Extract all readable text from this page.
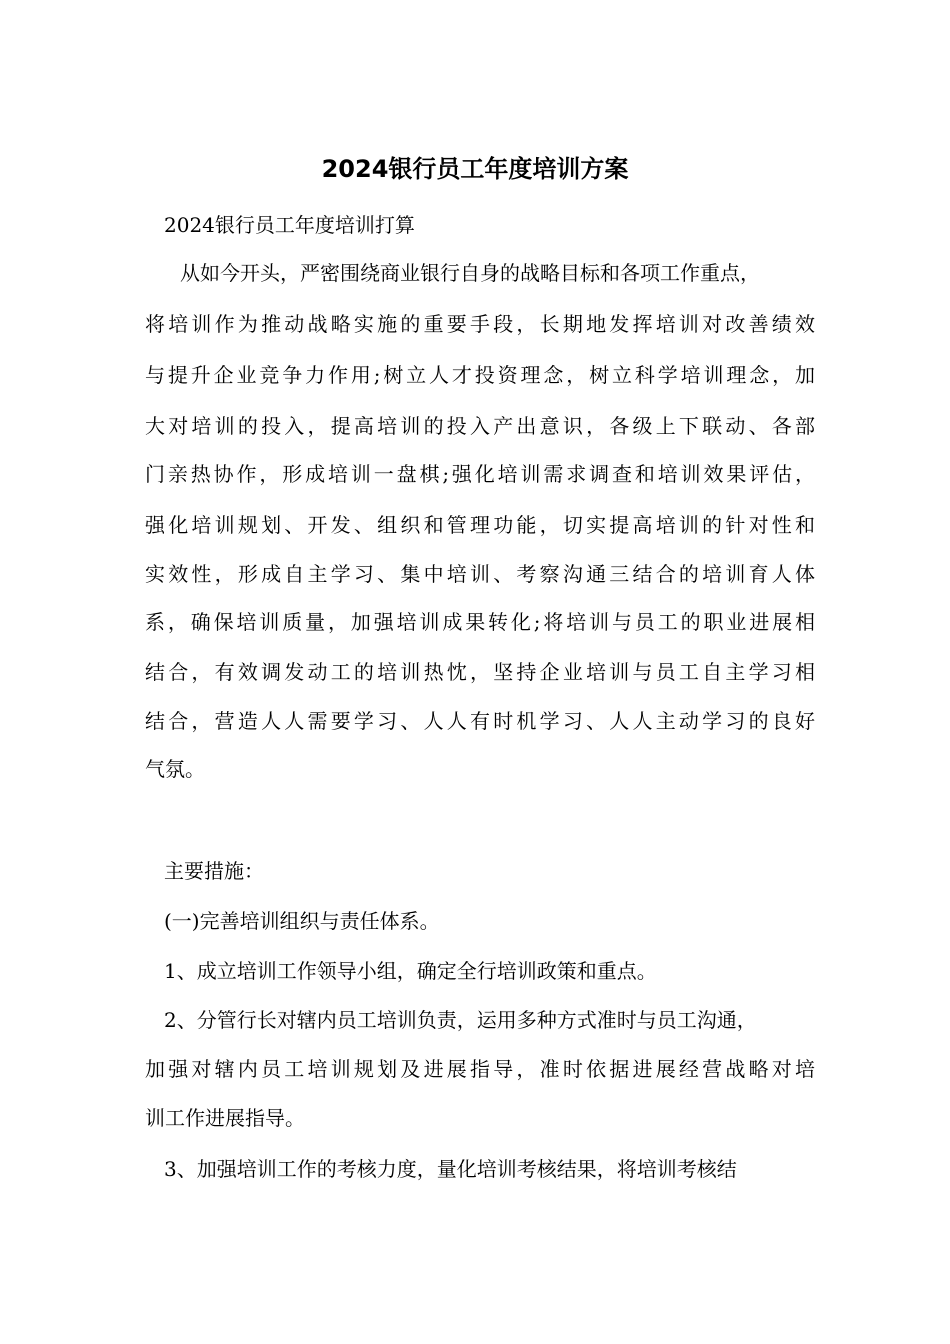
2024银行员工年度培训方案
2024银行员工年度培训打算
从如今开头，严密围绕商业银行自身的战略目标和各项工作重点，
将培训作为推动战略实施的重要手段，长期地发挥培训对改善绩效
与提升企业竞争力作用;树立人才投资理念，树立科学培训理念，加
大对培训的投入，提高培训的投入产出意识，各级上下联动、各部
门亲热协作，形成培训一盘棋;强化培训需求调查和培训效果评估，
强化培训规划、开发、组织和管理功能，切实提高培训的针对性和
实效性，形成自主学习、集中培训、考察沟通三结合的培训育人体
系，确保培训质量，加强培训成果转化;将培训与员工的职业进展相
结合，有效调发动工的培训热忱，坚持企业培训与员工自主学习相
结合，营造人人需要学习、人人有时机学习、人人主动学习的良好
气氛。
主要措施：
(一)完善培训组织与责任体系。
1、成立培训工作领导小组，确定全行培训政策和重点。
2、分管行长对辖内员工培训负责，运用多种方式准时与员工沟通，
加强对辖内员工培训规划及进展指导，准时依据进展经营战略对培
训工作进展指导。
3、加强培训工作的考核力度，量化培训考核结果，将培训考核结
